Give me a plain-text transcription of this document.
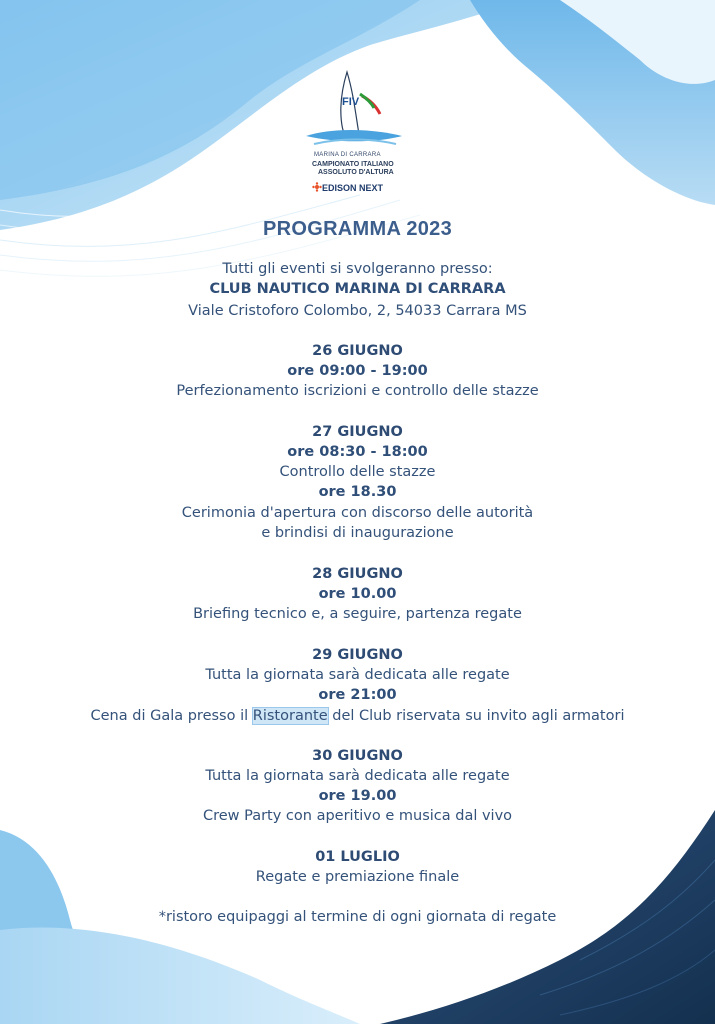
FIV
MARINA DI CARRARA
CAMPIONATO ITALIANO
ASSOLUTO D'ALTURA
EDISON NEXT
PROGRAMMA 2023
Tutti gli eventi si svolgeranno presso:
CLUB NAUTICO MARINA DI CARRARA
Viale Cristoforo Colombo, 2, 54033 Carrara MS
26 GIUGNO
ore 09:00 - 19:00
Perfezionamento iscrizioni e controllo delle stazze
27 GIUGNO
ore 08:30 - 18:00
Controllo delle stazze
ore 18.30
Cerimonia d'apertura con discorso delle autorità
e brindisi di inaugurazione
28 GIUGNO
ore 10.00
Briefing tecnico e, a seguire, partenza regate
29 GIUGNO
Tutta la giornata sarà dedicata alle regate
ore 21:00
Cena di Gala presso il Ristorante del Club riservata su invito agli armatori
30 GIUGNO
Tutta la giornata sarà dedicata alle regate
ore 19.00
Crew Party con aperitivo e musica dal vivo
01 LUGLIO
Regate e premiazione finale
*ristoro equipaggi al termine di ogni giornata di regate
